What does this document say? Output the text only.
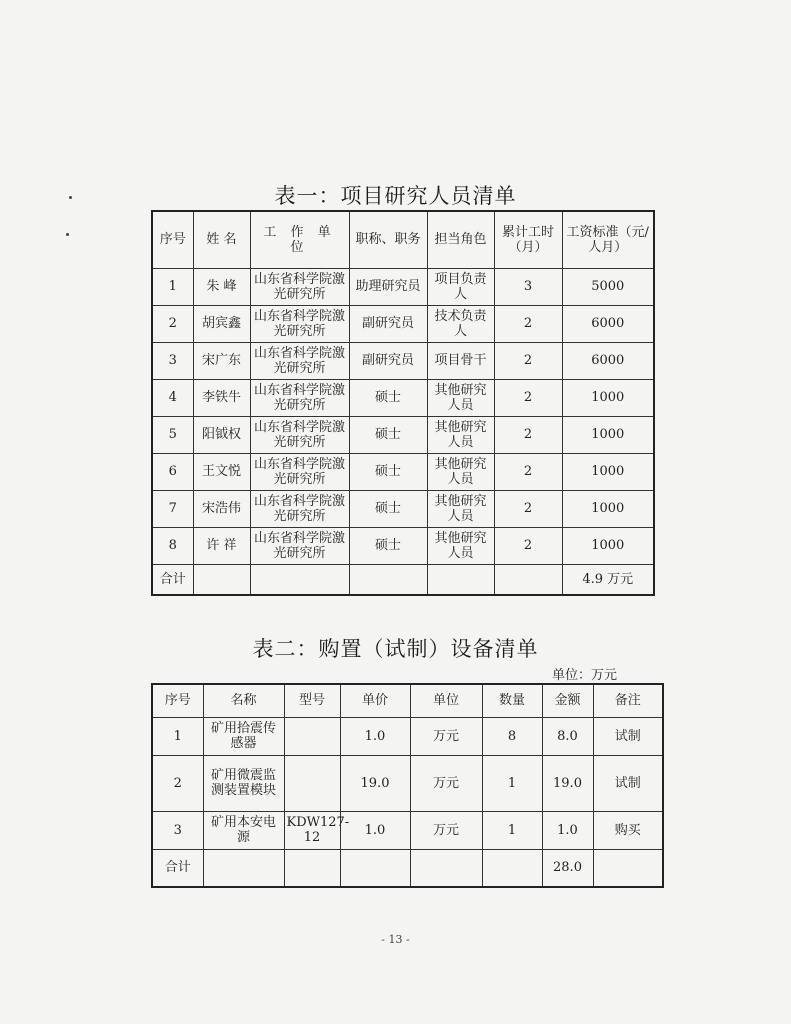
表一：项目研究人员清单
序号	姓 名	工 作 单 位	职称、职务	担当角色	累计工时（月）	工资标准（元/人月）
1	朱 峰	山东省科学院激光研究所	助理研究员	项目负责人	3	5000
2	胡宾鑫	山东省科学院激光研究所	副研究员	技术负责人	2	6000
3	宋广东	山东省科学院激光研究所	副研究员	项目骨干	2	6000
4	李铁牛	山东省科学院激光研究所	硕士	其他研究人员	2	1000
5	阳钺权	山东省科学院激光研究所	硕士	其他研究人员	2	1000
6	王文悦	山东省科学院激光研究所	硕士	其他研究人员	2	1000
7	宋浩伟	山东省科学院激光研究所	硕士	其他研究人员	2	1000
8	许 祥	山东省科学院激光研究所	硕士	其他研究人员	2	1000
合计						4.9 万元
表二：购置（试制）设备清单
单位：万元
序号	名称	型号	单价	单位	数量	金额	备注
1	矿用拾震传感器		1.0	万元	8	8.0	试制
2	矿用微震监测装置模块		19.0	万元	1	19.0	试制
3	矿用本安电源	KDW127-12	1.0	万元	1	1.0	购买
合计						28.0	
- 13 -
